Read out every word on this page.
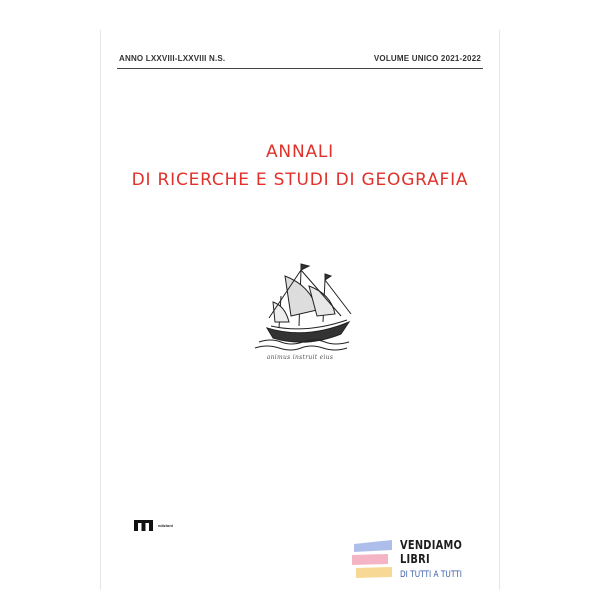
ANNO LXXVIII-LXXVIII N.S.	VOLUME UNICO 2021-2022
ANNALI
DI RICERCHE E STUDI DI GEOGRAFIA
animus instruit eius
edizioni
VENDIAMO
LIBRI
DI TUTTI A TUTTI
